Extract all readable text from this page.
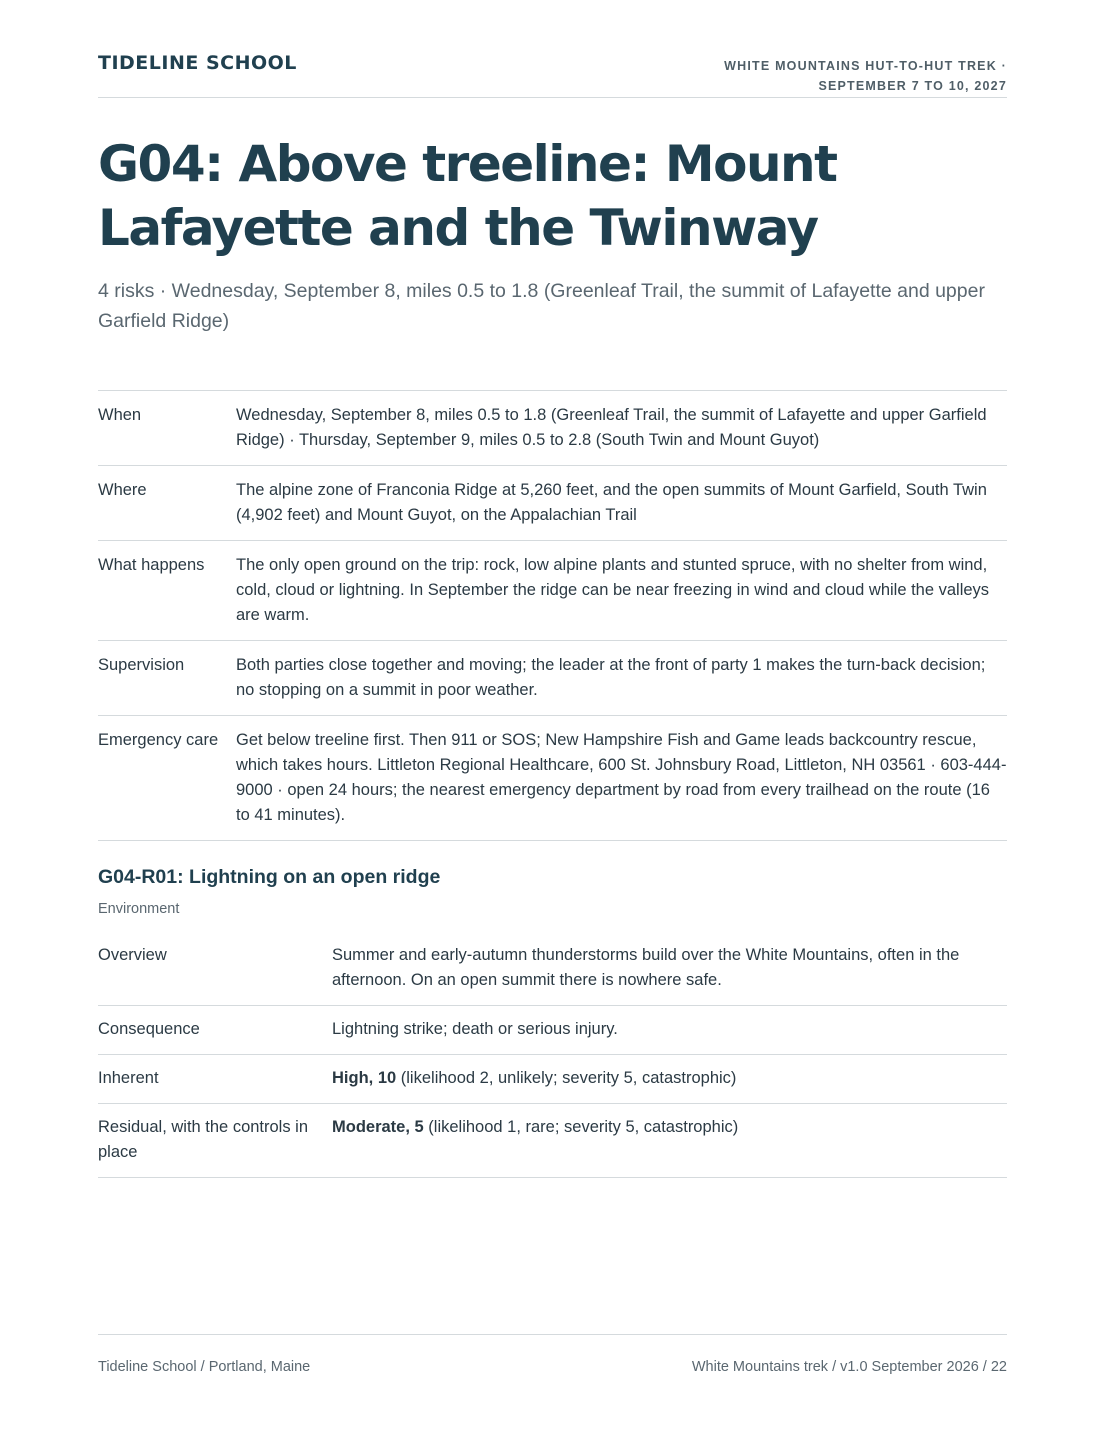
TIDELINE SCHOOL	WHITE MOUNTAINS HUT-TO-HUT TREK ·
SEPTEMBER 7 TO 10, 2027
G04: Above treeline: Mount Lafayette and the Twinway

4 risks · Wednesday, September 8, miles 0.5 to 1.8 (Greenleaf Trail, the summit of Lafayette and upper Garfield Ridge)

When	Wednesday, September 8, miles 0.5 to 1.8 (Greenleaf Trail, the summit of Lafayette and upper Garfield Ridge) · Thursday, September 9, miles 0.5 to 2.8 (South Twin and Mount Guyot)
Where	The alpine zone of Franconia Ridge at 5,260 feet, and the open summits of Mount Garfield, South Twin (4,902 feet) and Mount Guyot, on the Appalachian Trail
What happens	The only open ground on the trip: rock, low alpine plants and stunted spruce, with no shelter from wind, cold, cloud or lightning. In September the ridge can be near freezing in wind and cloud while the valleys are warm.
Supervision	Both parties close together and moving; the leader at the front of party 1 makes the turn-back decision; no stopping on a summit in poor weather.
Emergency care	Get below treeline first. Then 911 or SOS; New Hampshire Fish and Game leads backcountry rescue, which takes hours. Littleton Regional Healthcare, 600 St. Johnsbury Road, Littleton, NH 03561 · 603-444-9000 · open 24 hours; the nearest emergency department by road from every trailhead on the route (16 to 41 minutes).
G04-R01: Lightning on an open ridge
Environment
Overview	Summer and early-autumn thunderstorms build over the White Mountains, often in the afternoon. On an open summit there is nowhere safe.
Consequence	Lightning strike; death or serious injury.
Inherent	High, 10 (likelihood 2, unlikely; severity 5, catastrophic)
Residual, with the controls in place	Moderate, 5 (likelihood 1, rare; severity 5, catastrophic)
Tideline School / Portland, Maine	White Mountains trek / v1.0 September 2026 / 22
